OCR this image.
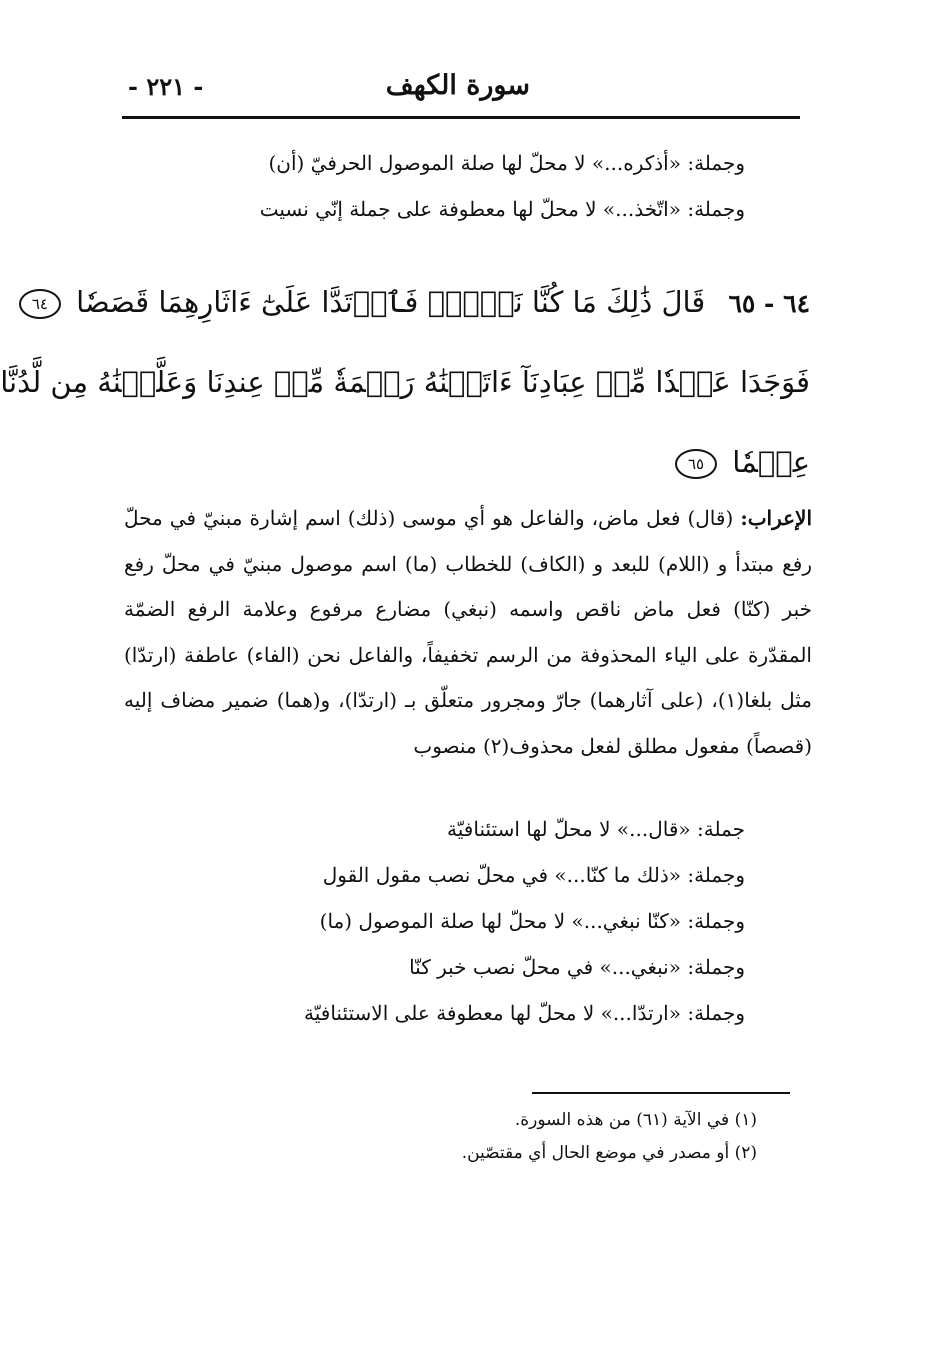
سورة الكهف
- ٢٢١ -
وجملة: «أذكره...» لا محلّ لها صلة الموصول الحرفيّ (أن)
وجملة: «اتّخذ...» لا محلّ لها معطوفة على جملة إنّي نسيت
٦٤ - ٦٥ قَالَ ذَٰلِكَ مَا كُنَّا نَبۡغِۚ فَٱرۡتَدَّا عَلَىٰٓ ءَاثَارِهِمَا قَصَصٗا ٦٤
فَوَجَدَا عَبۡدٗا مِّنۡ عِبَادِنَآ ءَاتَيۡنَٰهُ رَحۡمَةٗ مِّنۡ عِندِنَا وَعَلَّمۡنَٰهُ مِن لَّدُنَّا
عِلۡمٗا ٦٥
الإعراب: (قال) فعل ماض، والفاعل هو أي موسى (ذلك) اسم إشارة مبنيّ في محلّ رفع مبتدأ و (اللام) للبعد و (الكاف) للخطاب (ما) اسم موصول مبنيّ في محلّ رفع خبر (كنّا) فعل ماض ناقص واسمه (نبغي) مضارع مرفوع وعلامة الرفع الضمّة المقدّرة على الياء المحذوفة من الرسم تخفيفاً، والفاعل نحن (الفاء) عاطفة (ارتدّا) مثل بلغا(١)، (على آثارهما) جارّ ومجرور متعلّق بـ (ارتدّا)، و(هما) ضمير مضاف إليه (قصصاً) مفعول مطلق لفعل محذوف(٢) منصوب
جملة: «قال...» لا محلّ لها استئنافيّة
وجملة: «ذلك ما كنّا...» في محلّ نصب مقول القول
وجملة: «كنّا نبغي...» لا محلّ لها صلة الموصول (ما)
وجملة: «نبغي...» في محلّ نصب خبر كنّا
وجملة: «ارتدّا...» لا محلّ لها معطوفة على الاستئنافيّة
(١) في الآية (٦١) من هذه السورة.
(٢) أو مصدر في موضع الحال أي مقتصّين.
